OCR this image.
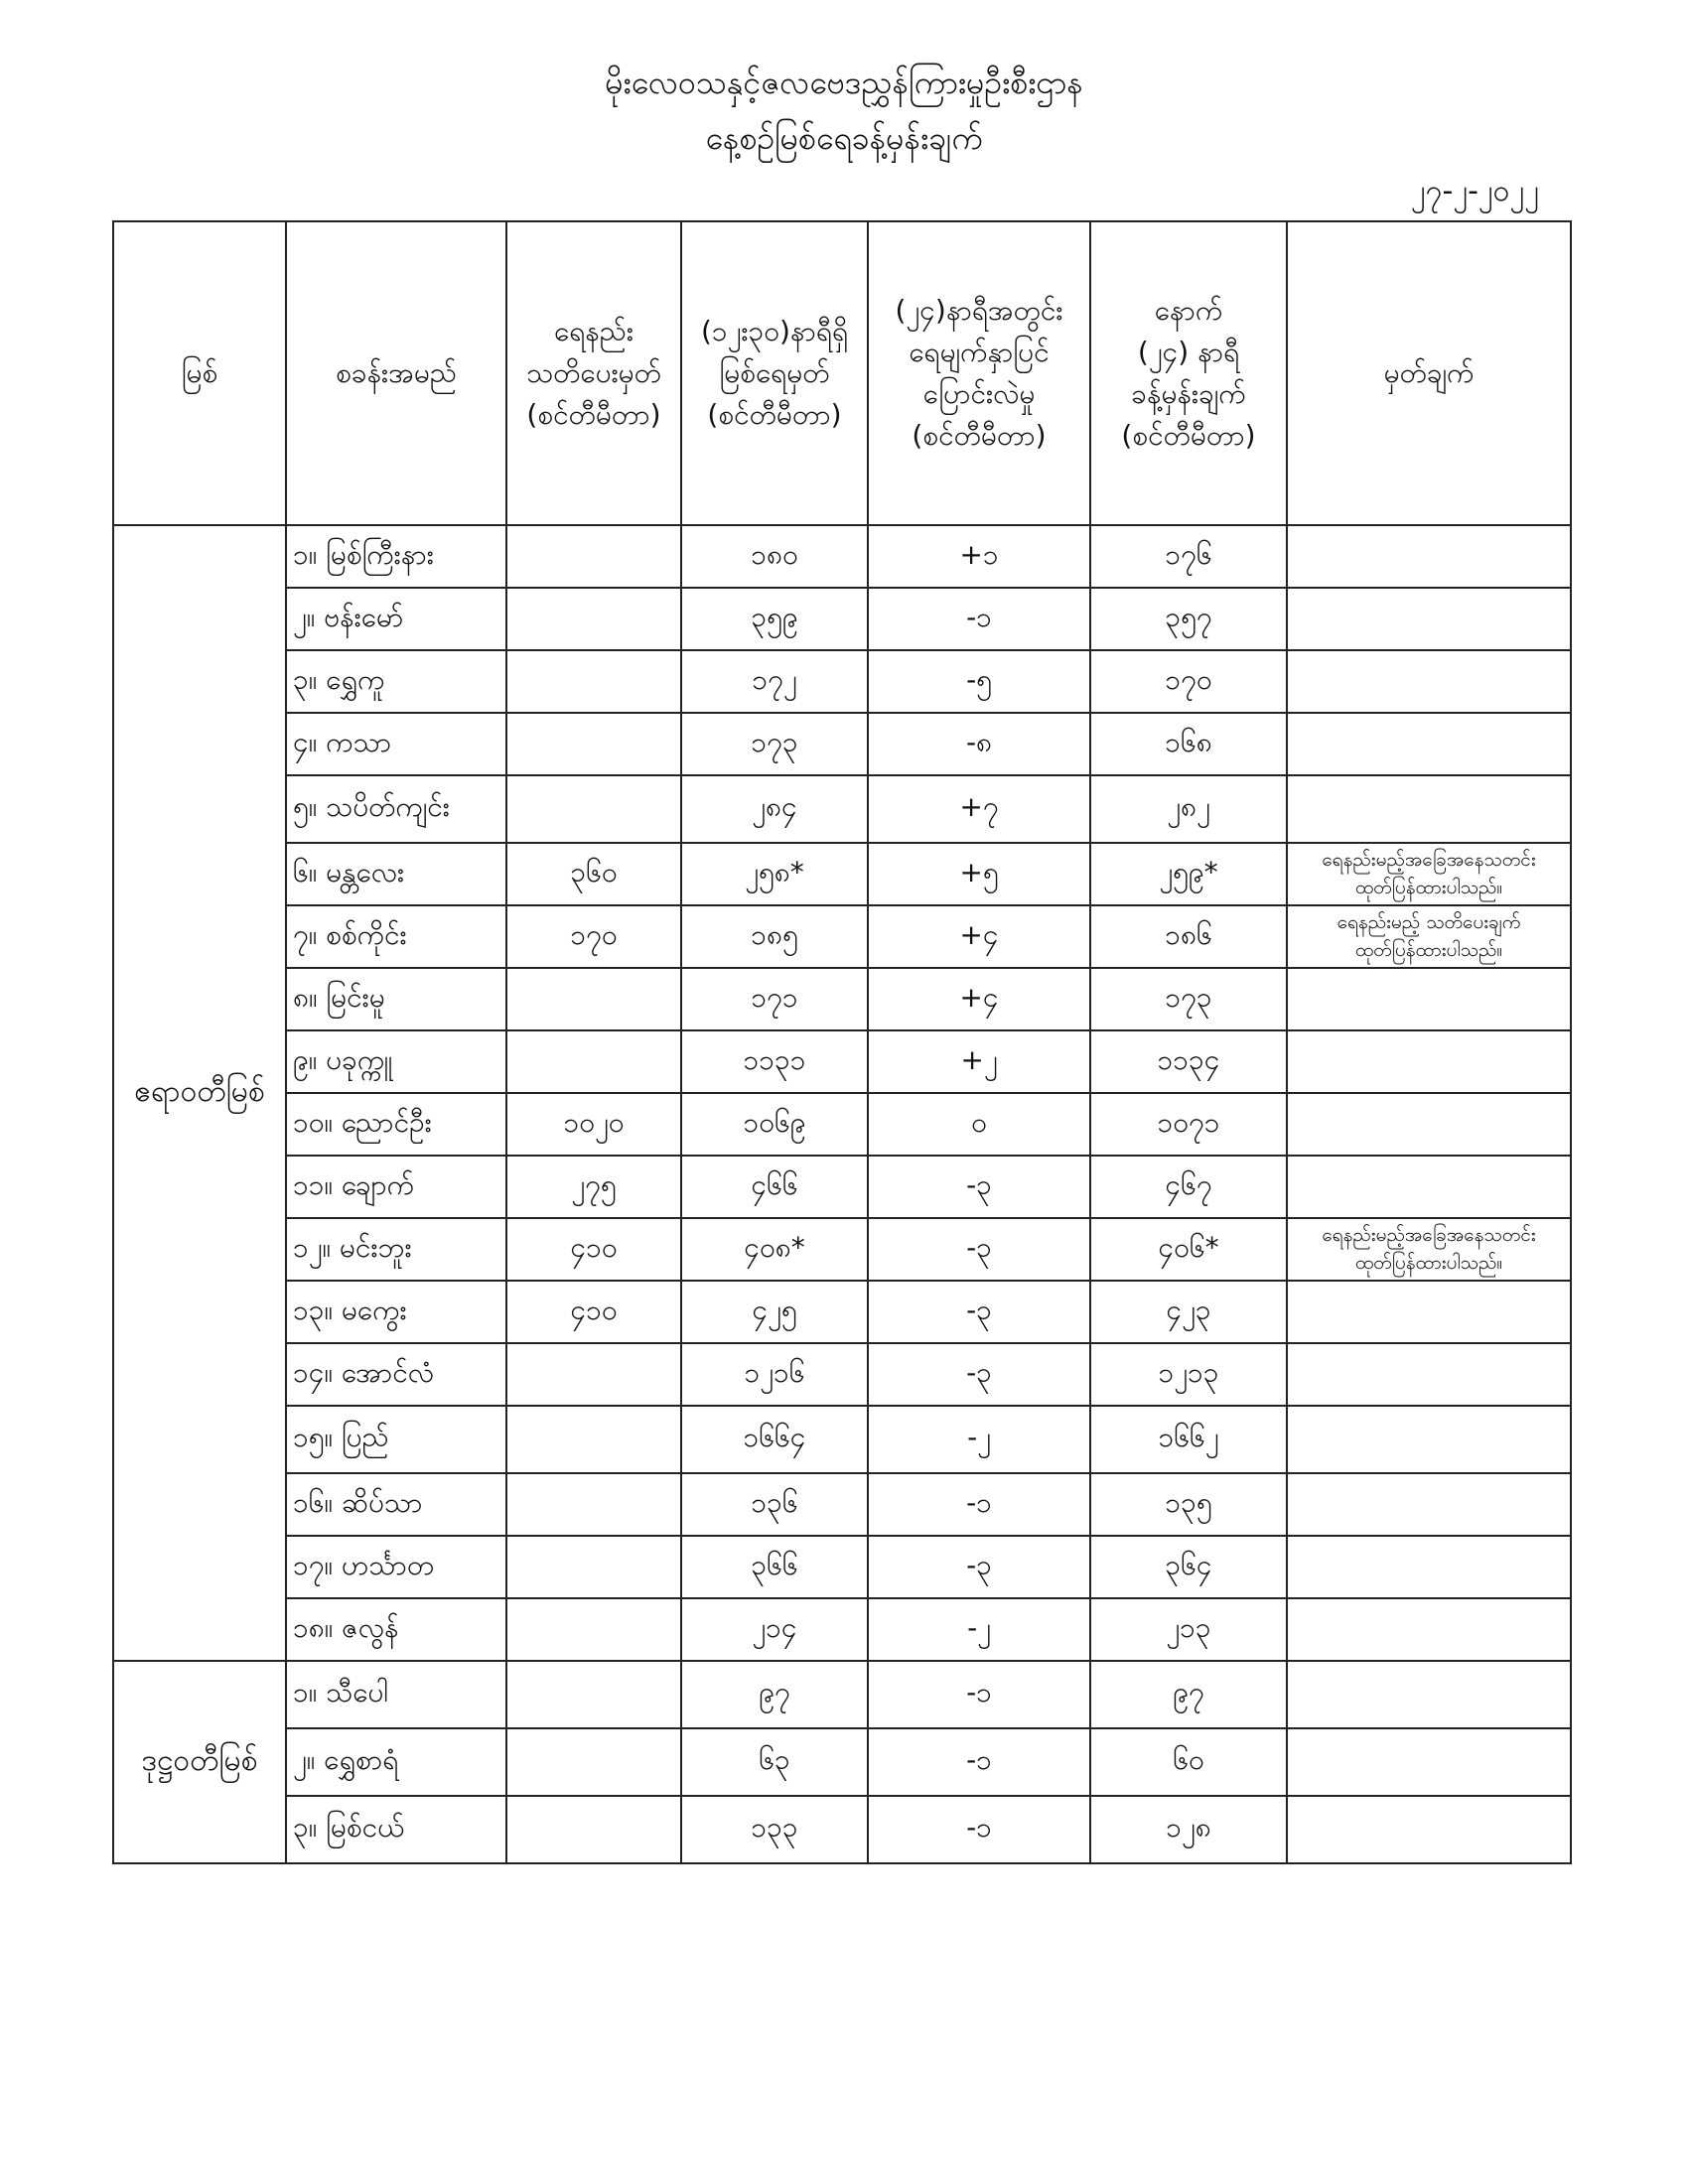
မိုးလေဝသနှင့်ဇလဗေဒညွှန်ကြားမှုဦးစီးဌာန
နေ့စဉ်မြစ်ရေခန့်မှန်းချက်
၂၇-၂-၂၀၂၂
မြစ်	စခန်းအမည်	ရေနည်း
သတိပေးမှတ်
(စင်တီမီတာ)	(၁၂း၃၀)နာရီရှိ
မြစ်ရေမှတ်
(စင်တီမီတာ)	(၂၄)နာရီအတွင်း
ရေမျက်နှာပြင်
ပြောင်းလဲမှု
(စင်တီမီတာ)	နောက်
(၂၄) နာရီ
ခန့်မှန်းချက်
(စင်တီမီတာ)	မှတ်ချက်

ဧရာဝတီမြစ်	၁။ မြစ်ကြီးနား		၁၈၀	+၁	၁၇၆	
	၂။ ဗန်းမော်		၃၅၉	-၁	၃၅၇	
	၃။ ရွှေကူ		၁၇၂	-၅	၁၇၀	
	၄။ ကသာ		၁၇၃	-၈	၁၆၈	
	၅။ သပိတ်ကျင်း		၂၈၄	+၇	၂၈၂	
	၆။ မန္တလေး	၃၆၀	၂၅၈*	+၅	၂၅၉*	ရေနည်းမည့်အခြေအနေသတင်း
ထုတ်ပြန်ထားပါသည်။

	၇။ စစ်ကိုင်း	၁၇၀	၁၈၅	+၄	၁၈၆	ရေနည်းမည့် သတိပေးချက်
ထုတ်ပြန်ထားပါသည်။

	၈။ မြင်းမူ		၁၇၁	+၄	၁၇၃	
	၉။ ပခုက္ကူ		၁၁၃၁	+၂	၁၁၃၄	
	၁၀။ ညောင်ဦး	၁၀၂၀	၁၀၆၉	၀	၁၀၇၁	
	၁၁။ ချောက်	၂၇၅	၄၆၆	-၃	၄၆၇	
	၁၂။ မင်းဘူး	၄၁၀	၄၀၈*	-၃	၄၀၆*	ရေနည်းမည့်အခြေအနေသတင်း
ထုတ်ပြန်ထားပါသည်။

	၁၃။ မကွေး	၄၁၀	၄၂၅	-၃	၄၂၃	
	၁၄။ အောင်လံ		၁၂၁၆	-၃	၁၂၁၃	
	၁၅။ ပြည်		၁၆၆၄	-၂	၁၆၆၂	
	၁၆။ ဆိပ်သာ		၁၃၆	-၁	၁၃၅	
	၁၇။ ဟင်္သာတ		၃၆၆	-၃	၃၆၄	
	၁၈။ ဇလွန်		၂၁၄	-၂	၂၁၃	
ဒုဋ္ဌဝတီမြစ်	၁။ သီပေါ		၉၇	-၁	၉၇	
	၂။ ရွှေစာရံ		၆၃	-၁	၆၀	
	၃။ မြစ်ငယ်		၁၃၃	-၁	၁၂၈	
